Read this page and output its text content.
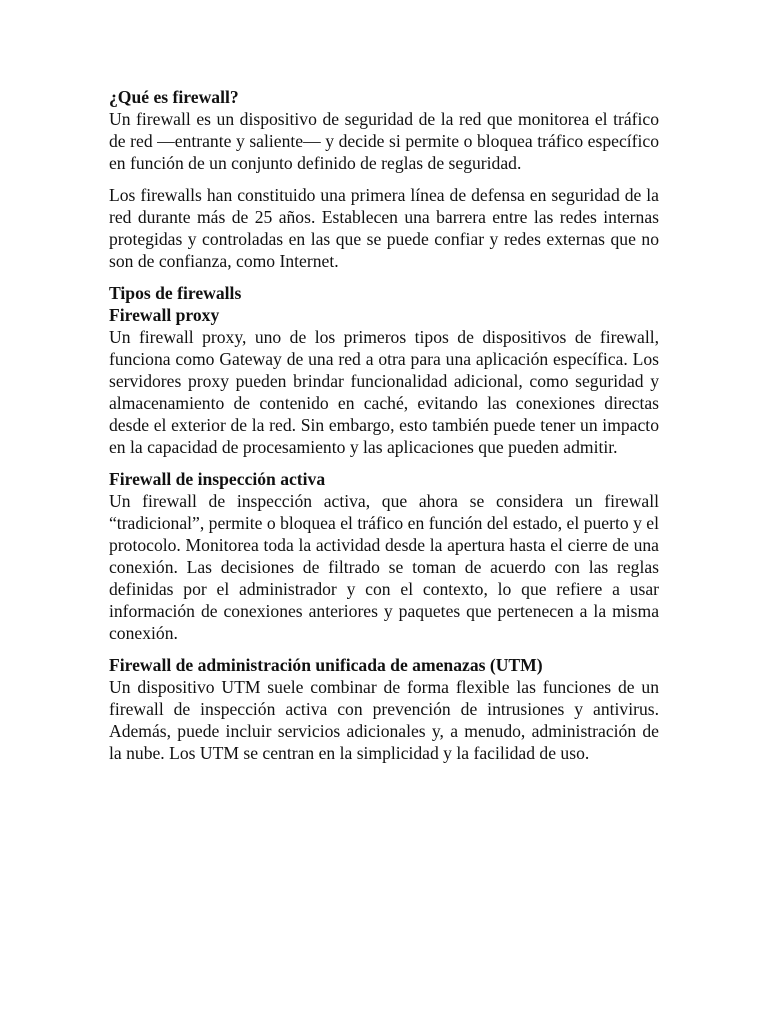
¿Qué es firewall?

Un firewall es un dispositivo de seguridad de la red que monitorea el tráfico de red —entrante y saliente— y decide si permite o bloquea tráfico específico en función de un conjunto definido de reglas de seguridad.

Los firewalls han constituido una primera línea de defensa en seguridad de la red durante más de 25 años. Establecen una barrera entre las redes internas protegidas y controladas en las que se puede confiar y redes externas que no son de confianza, como Internet.

Tipos de firewalls

Firewall proxy

Un firewall proxy, uno de los primeros tipos de dispositivos de firewall, funciona como Gateway de una red a otra para una aplicación específica. Los servidores proxy pueden brindar funcionalidad adicional, como seguridad y almacenamiento de contenido en caché, evitando las conexiones directas desde el exterior de la red. Sin embargo, esto también puede tener un impacto en la capacidad de procesamiento y las aplicaciones que pueden admitir.

Firewall de inspección activa

Un firewall de inspección activa, que ahora se considera un firewall “tradicional”, permite o bloquea el tráfico en función del estado, el puerto y el protocolo. Monitorea toda la actividad desde la apertura hasta el cierre de una conexión. Las decisiones de filtrado se toman de acuerdo con las reglas definidas por el administrador y con el contexto, lo que refiere a usar información de conexiones anteriores y paquetes que pertenecen a la misma conexión.

Firewall de administración unificada de amenazas (UTM)

Un dispositivo UTM suele combinar de forma flexible las funciones de un firewall de inspección activa con prevención de intrusiones y antivirus. Además, puede incluir servicios adicionales y, a menudo, administración de la nube. Los UTM se centran en la simplicidad y la facilidad de uso.
